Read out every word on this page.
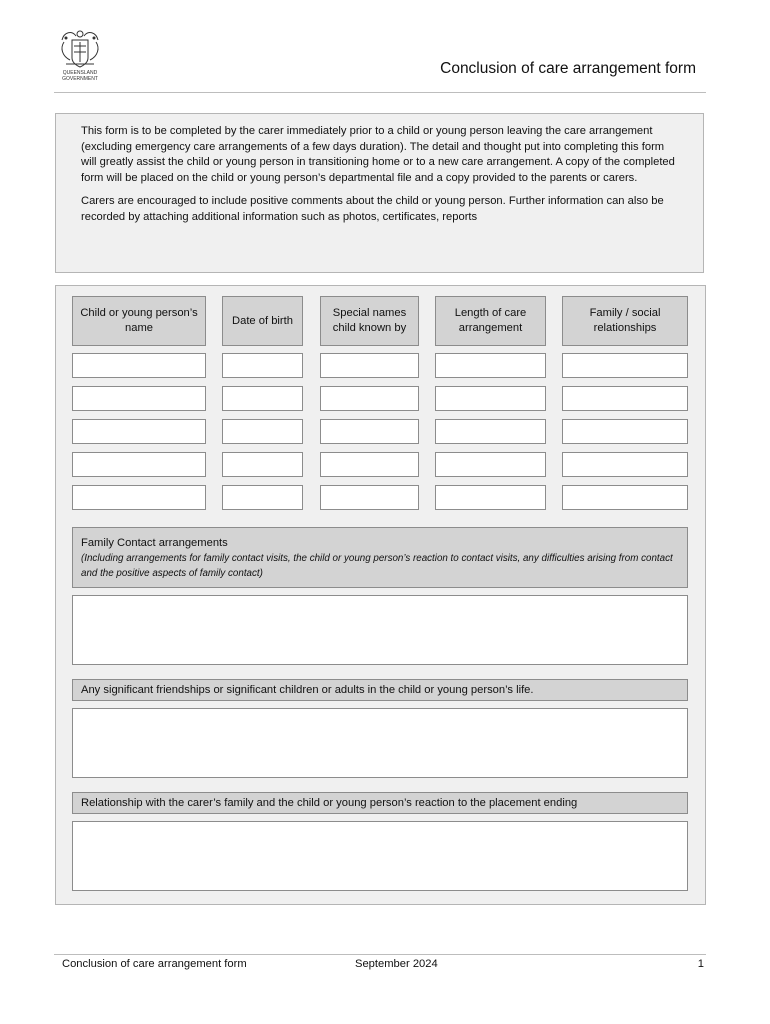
QUEENSLAND
GOVERNMENT
Conclusion of care arrangement form

This form is to be completed by the carer immediately prior to a child or young person leaving the care arrangement (excluding emergency care arrangements of a few days duration). The detail and thought put into completing this form will greatly assist the child or young person in transitioning home or to a new care arrangement. A copy of the completed form will be placed on the child or young person’s departmental file and a copy provided to the parents or carers.

Carers are encouraged to include positive comments about the child or young person. Further information can also be recorded by attaching additional information such as photos, certificates, reports

Child or young person’s name
Date of birth
Special names child known by
Length of care arrangement
Family / social relationships
Family Contact arrangements
(Including arrangements for family contact visits, the child or young person’s reaction to contact visits, any difficulties arising from contact and the positive aspects of family contact)
Any significant friendships or significant children or adults in the child or young person’s life.
Relationship with the carer’s family and the child or young person’s reaction to the placement ending
Conclusion of care arrangement form	September 2024	1
